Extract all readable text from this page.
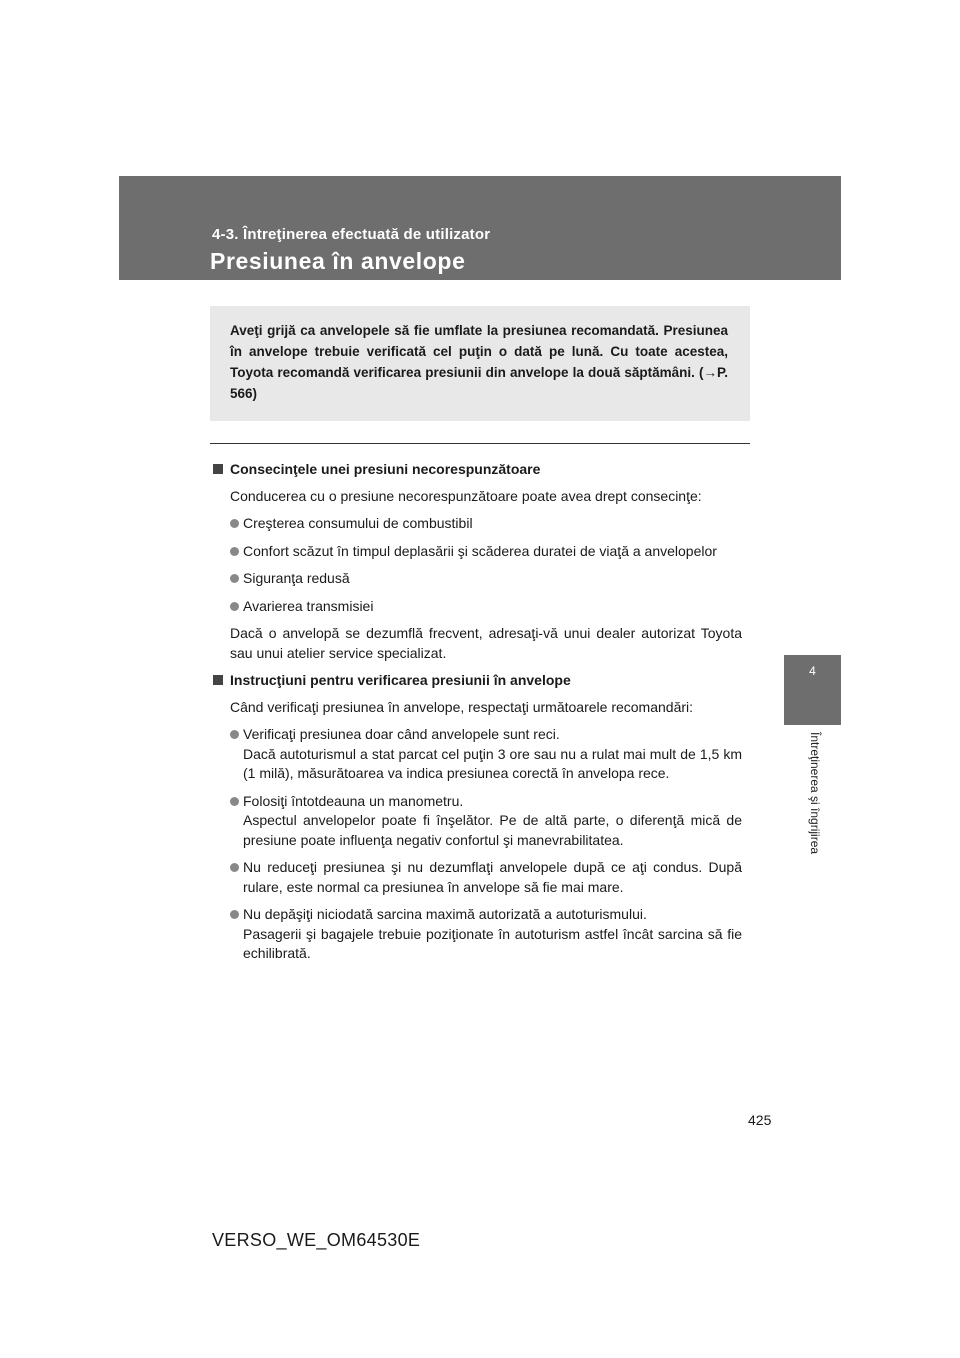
4-3. Întreţinerea efectuată de utilizator
Presiunea în anvelope
4
Întreţinerea şi îngrijirea

Aveţi grijă ca anvelopele să fie umflate la presiunea recomandată. Presiunea în anvelope trebuie verificată cel puţin o dată pe lună. Cu toate acestea, Toyota recomandă verificarea presiunii din anvelope la două săptămâni. (→P. 566)

Consecinţele unei presiuni necorespunzătoare

Conducerea cu o presiune necorespunzătoare poate avea drept consecinţe:

Creşterea consumului de combustibil
Confort scăzut în timpul deplasării şi scăderea duratei de viaţă a anvelopelor
Siguranţa redusă
Avarierea transmisiei

Dacă o anvelopă se dezumflă frecvent, adresaţi-vă unui dealer autorizat Toyota sau unui atelier service specializat.

Instrucţiuni pentru verificarea presiunii în anvelope

Când verificaţi presiunea în anvelope, respectaţi următoarele recomandări:

Verificaţi presiunea doar când anvelopele sunt reci.
Dacă autoturismul a stat parcat cel puţin 3 ore sau nu a rulat mai mult de 1,5 km (1 milă), măsurătoarea va indica presiunea corectă în anvelopa rece.
Folosiţi întotdeauna un manometru.
Aspectul anvelopelor poate fi înşelător. Pe de altă parte, o diferenţă mică de presiune poate influenţa negativ confortul şi manevrabilitatea.
Nu reduceţi presiunea şi nu dezumflaţi anvelopele după ce aţi condus. După rulare, este normal ca presiunea în anvelope să fie mai mare.
Nu depăşiţi niciodată sarcina maximă autorizată a autoturismului.
Pasagerii şi bagajele trebuie poziţionate în autoturism astfel încât sarcina să fie echilibrată.
425
VERSO_WE_OM64530E
